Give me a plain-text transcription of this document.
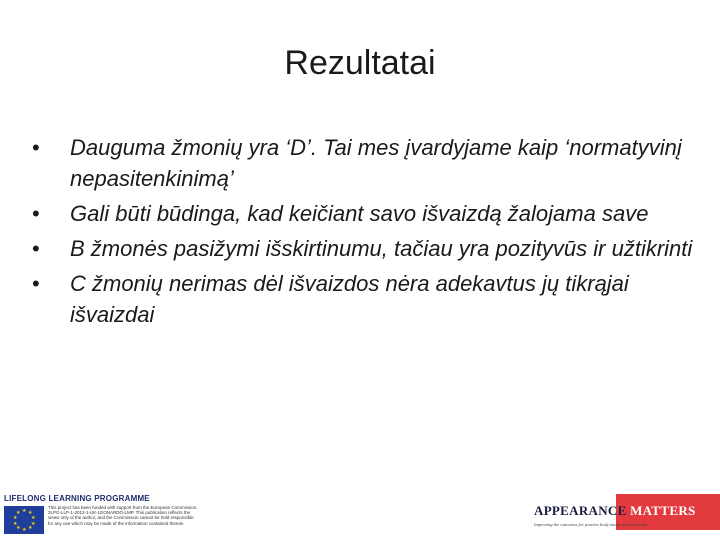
Rezultatai
• Dauguma žmonių yra ‘D’. Tai mes įvardyjame kaip ‘normatyvinį nepasitenkinimą’
• Gali būti būdinga, kad keičiant savo išvaizdą žalojama save
• B žmonės pasižymi išskirtinumu, tačiau yra pozityvūs ir užtikrinti
• C žmonių nerimas dėl išvaizdos nėra adekavtus jų tikrąjai išvaizdai
LIFELONG LEARNING PROGRAMME
★ ★
★
★
★
★
★
★
★
★
This project has been funded with support from the European Commission. 2LPG-LLP-1-2012-1-UK-LEONARDO-LMP. This publication reflects the views only of the author, and the Commission cannot be held responsible for any use which may be made of the information contained therein.
APPEARANCE MATTERS
Improving the outcomes for positive body image and wellbeing
